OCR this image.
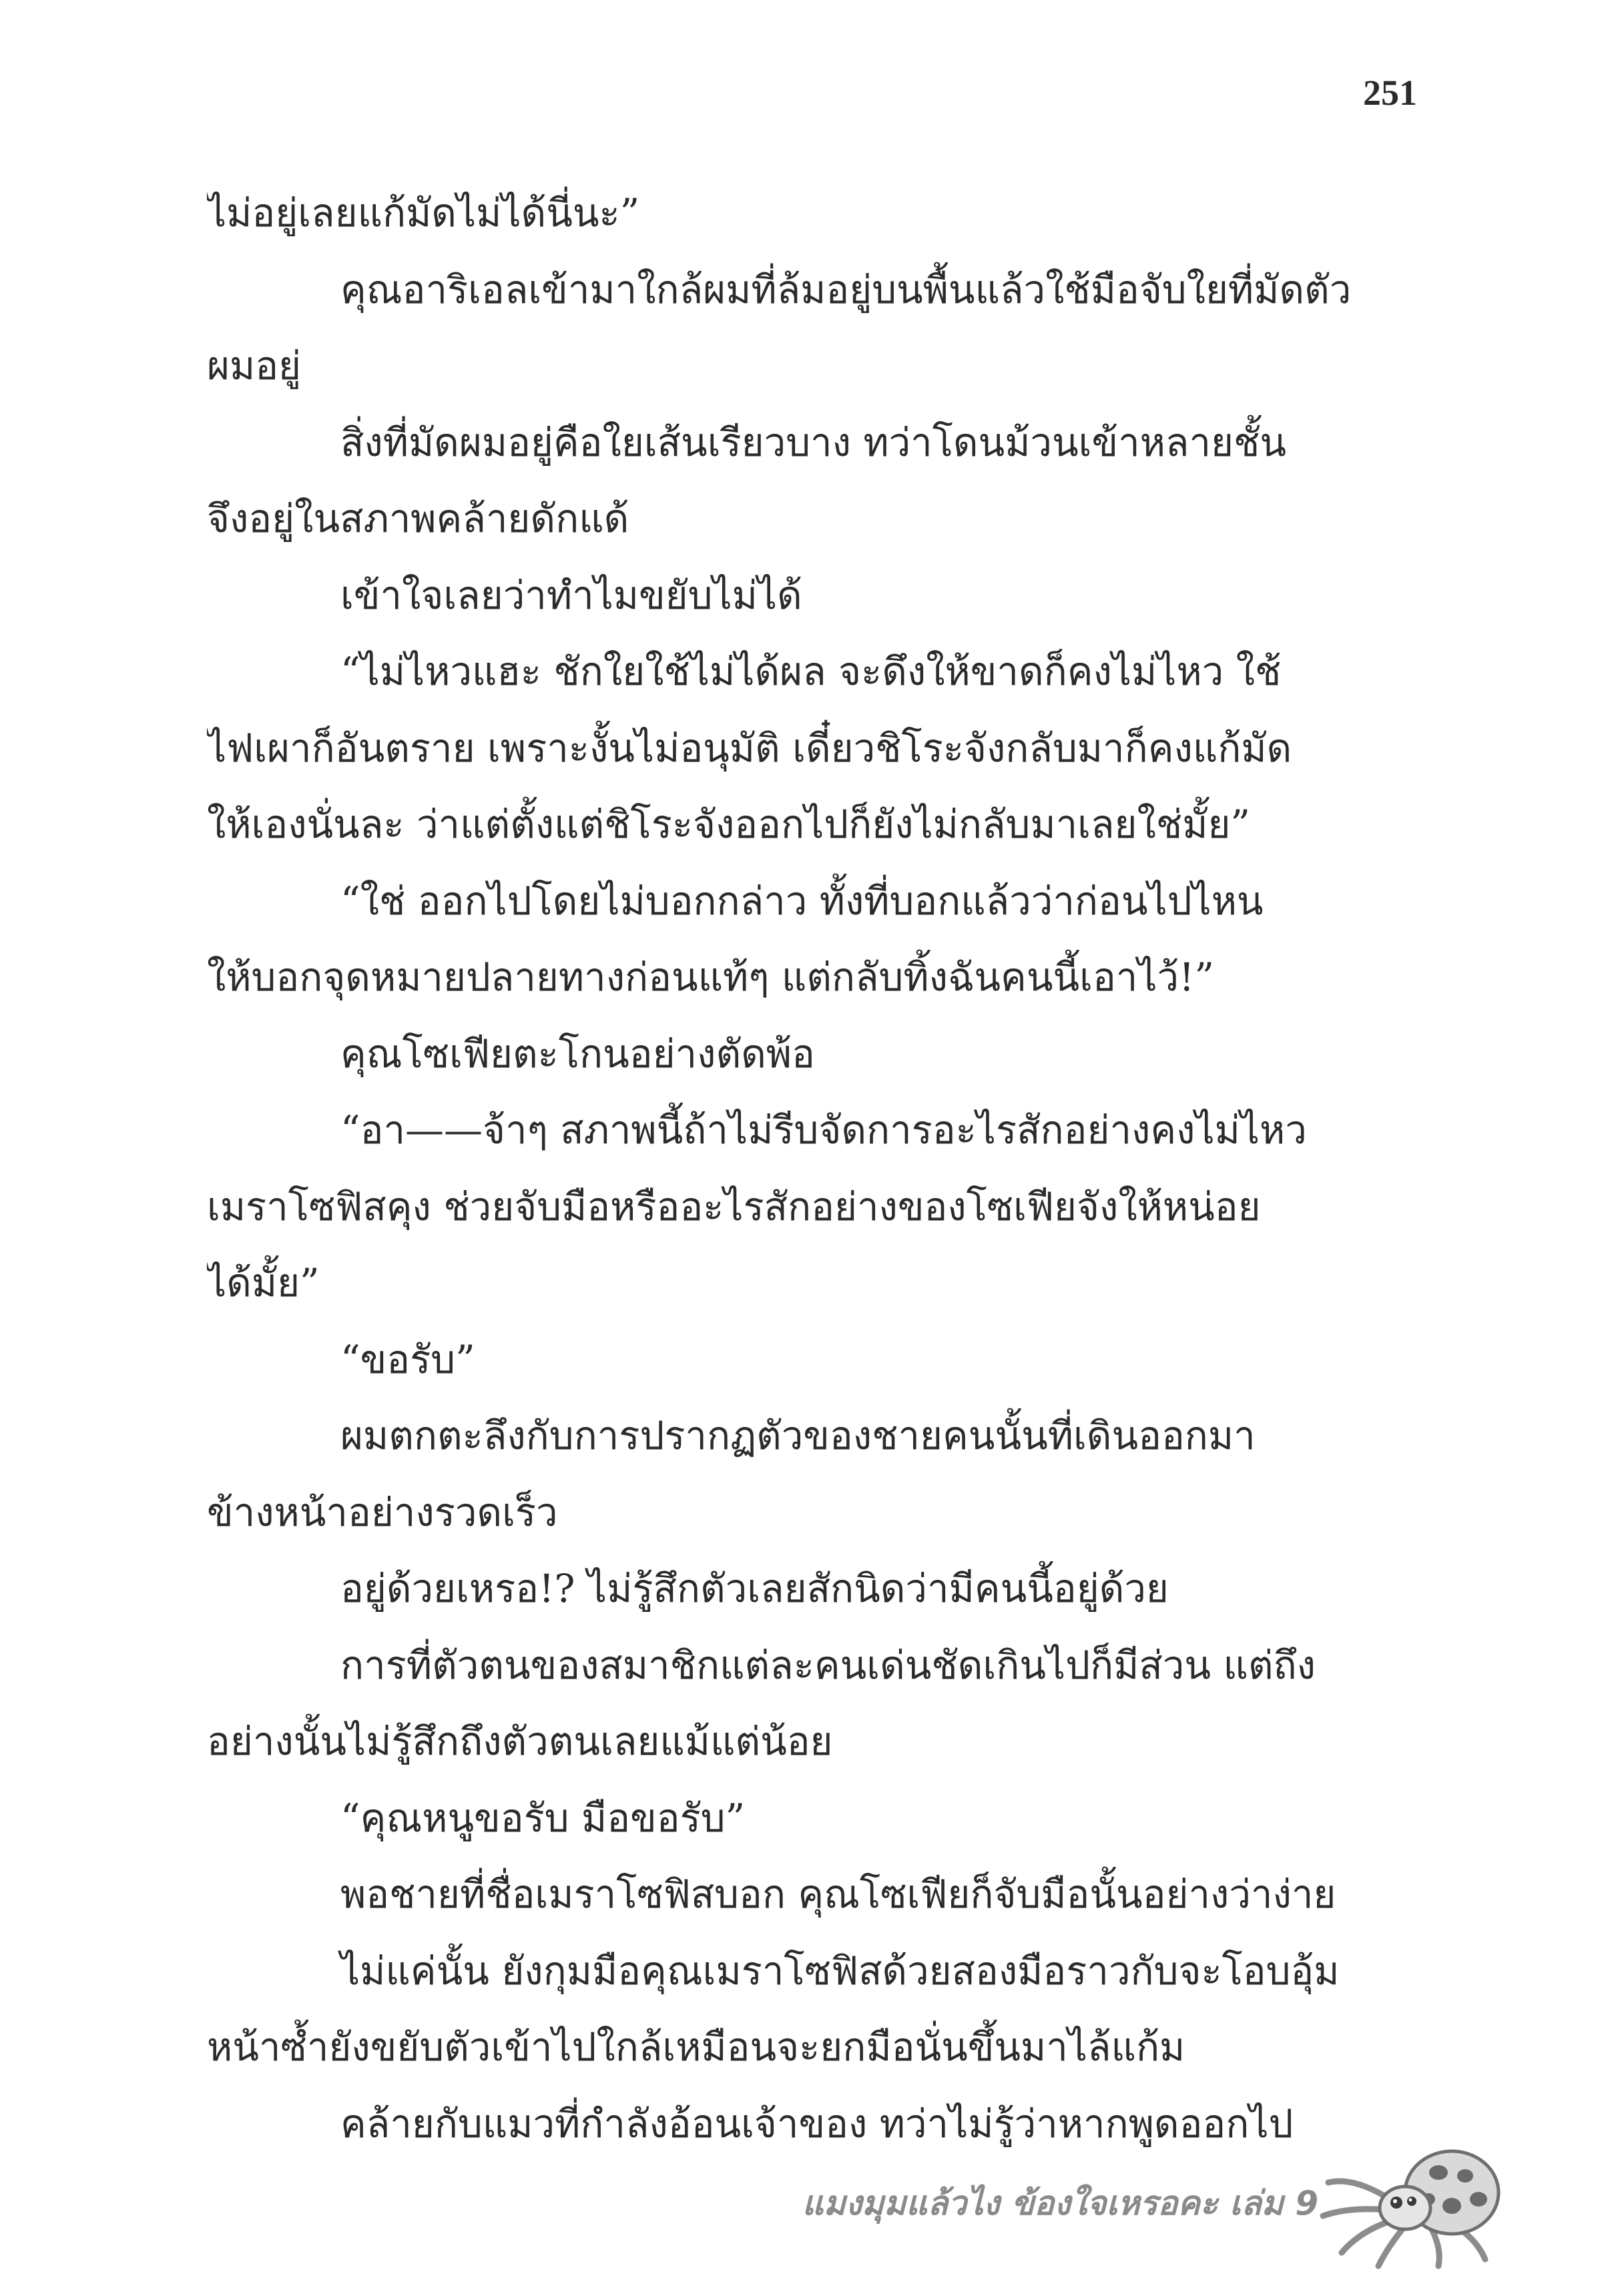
251
ไม่อยู่เลยแก้มัดไม่ได้นี่นะ”
คุณอาริเอลเข้ามาใกล้ผมที่ล้มอยู่บนพื้นแล้วใช้มือจับใยที่มัดตัว
ผมอยู่
สิ่งที่มัดผมอยู่คือใยเส้นเรียวบาง ทว่าโดนม้วนเข้าหลายชั้น
จึงอยู่ในสภาพคล้ายดักแด้
เข้าใจเลยว่าทำไมขยับไม่ได้
“ไม่ไหวแฮะ ชักใยใช้ไม่ได้ผล จะดึงให้ขาดก็คงไม่ไหว ใช้
ไฟเผาก็อันตราย เพราะงั้นไม่อนุมัติ เดี๋ยวชิโระจังกลับมาก็คงแก้มัด
ให้เองนั่นละ ว่าแต่ตั้งแต่ชิโระจังออกไปก็ยังไม่กลับมาเลยใช่มั้ย”
“ใช่ ออกไปโดยไม่บอกกล่าว ทั้งที่บอกแล้วว่าก่อนไปไหน
ให้บอกจุดหมายปลายทางก่อนแท้ๆ แต่กลับทิ้งฉันคนนี้เอาไว้!”
คุณโซเฟียตะโกนอย่างตัดพ้อ
“อา——จ้าๆ สภาพนี้ถ้าไม่รีบจัดการอะไรสักอย่างคงไม่ไหว
เมราโซฟิสคุง ช่วยจับมือหรืออะไรสักอย่างของโซเฟียจังให้หน่อย
ได้มั้ย”
“ขอรับ”
ผมตกตะลึงกับการปรากฏตัวของชายคนนั้นที่เดินออกมา
ข้างหน้าอย่างรวดเร็ว
อยู่ด้วยเหรอ!? ไม่รู้สึกตัวเลยสักนิดว่ามีคนนี้อยู่ด้วย
การที่ตัวตนของสมาชิกแต่ละคนเด่นชัดเกินไปก็มีส่วน แต่ถึง
อย่างนั้นไม่รู้สึกถึงตัวตนเลยแม้แต่น้อย
“คุณหนูขอรับ มือขอรับ”
พอชายที่ชื่อเมราโซฟิสบอก คุณโซเฟียก็จับมือนั้นอย่างว่าง่าย
ไม่แค่นั้น ยังกุมมือคุณเมราโซฟิสด้วยสองมือราวกับจะโอบอุ้ม
หน้าซ้ำยังขยับตัวเข้าไปใกล้เหมือนจะยกมือนั่นขึ้นมาไล้แก้ม
คล้ายกับแมวที่กำลังอ้อนเจ้าของ ทว่าไม่รู้ว่าหากพูดออกไป
แมงมุมแล้วไง ข้องใจเหรอคะ เล่ม 9
